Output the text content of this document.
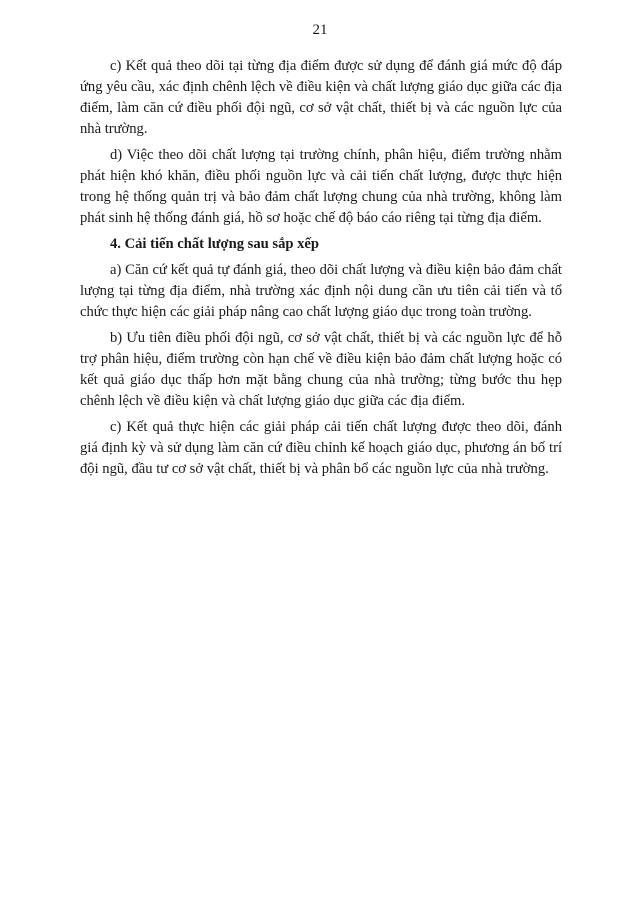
21

c) Kết quả theo dõi tại từng địa điểm được sử dụng để đánh giá mức độ đáp ứng yêu cầu, xác định chênh lệch về điều kiện và chất lượng giáo dục giữa các địa điểm, làm căn cứ điều phối đội ngũ, cơ sở vật chất, thiết bị và các nguồn lực của nhà trường.

d) Việc theo dõi chất lượng tại trường chính, phân hiệu, điểm trường nhằm phát hiện khó khăn, điều phối nguồn lực và cải tiến chất lượng, được thực hiện trong hệ thống quản trị và bảo đảm chất lượng chung của nhà trường, không làm phát sinh hệ thống đánh giá, hồ sơ hoặc chế độ báo cáo riêng tại từng địa điểm.

4. Cải tiến chất lượng sau sắp xếp

a) Căn cứ kết quả tự đánh giá, theo dõi chất lượng và điều kiện bảo đảm chất lượng tại từng địa điểm, nhà trường xác định nội dung cần ưu tiên cải tiến và tổ chức thực hiện các giải pháp nâng cao chất lượng giáo dục trong toàn trường.

b) Ưu tiên điều phối đội ngũ, cơ sở vật chất, thiết bị và các nguồn lực để hỗ trợ phân hiệu, điểm trường còn hạn chế về điều kiện bảo đảm chất lượng hoặc có kết quả giáo dục thấp hơn mặt bằng chung của nhà trường; từng bước thu hẹp chênh lệch về điều kiện và chất lượng giáo dục giữa các địa điểm.

c) Kết quả thực hiện các giải pháp cải tiến chất lượng được theo dõi, đánh giá định kỳ và sử dụng làm căn cứ điều chỉnh kế hoạch giáo dục, phương án bố trí đội ngũ, đầu tư cơ sở vật chất, thiết bị và phân bổ các nguồn lực của nhà trường.
